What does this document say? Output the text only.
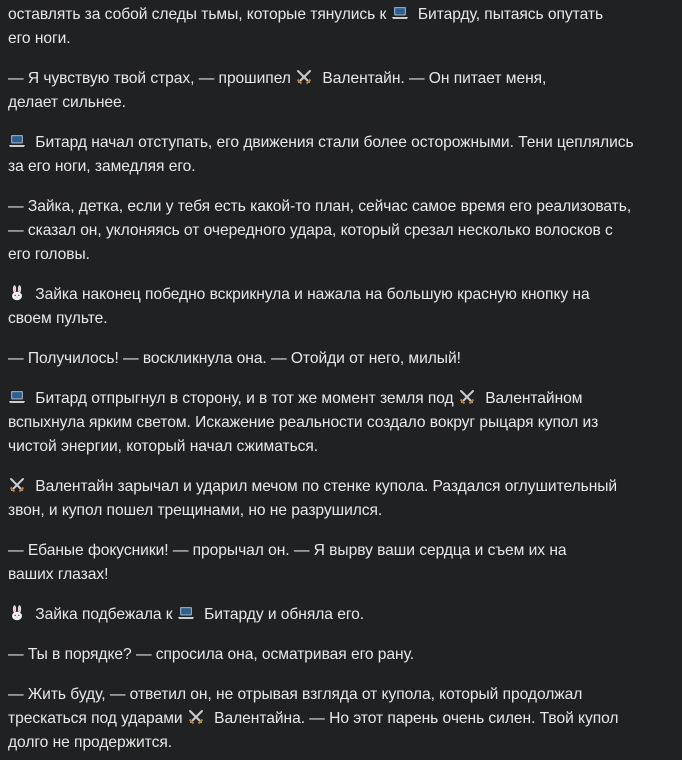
оставлять за собой следы тьмы, которые тянулись к
Битарду, пытаясь опутать
его ноги.

— Я чувствую твой страх, — прошипел
Валентайн. — Он питает меня,
делает сильнее.

Битард начал отступать, его движения стали более осторожными. Тени цеплялись
за его ноги, замедляя его.

— Зайка, детка, если у тебя есть какой-то план, сейчас самое время его реализовать,
— сказал он, уклоняясь от очередного удара, который срезал несколько волосков с
его головы.

Зайка наконец победно вскрикнула и нажала на большую красную кнопку на
своем пульте.

— Получилось! — воскликнула она. — Отойди от него, милый!

Битард отпрыгнул в сторону, и в тот же момент земля под
Валентайном
вспыхнула ярким светом. Искажение реальности создало вокруг рыцаря купол из
чистой энергии, который начал сжиматься.

Валентайн зарычал и ударил мечом по стенке купола. Раздался оглушительный
звон, и купол пошел трещинами, но не разрушился.

— Ебаные фокусники! — прорычал он. — Я вырву ваши сердца и съем их на
ваших глазах!

Зайка подбежала к
Битарду и обняла его.

— Ты в порядке? — спросила она, осматривая его рану.

— Жить буду, — ответил он, не отрывая взгляда от купола, который продолжал
трескаться под ударами
Валентайна. — Но этот парень очень силен. Твой купол
долго не продержится.
